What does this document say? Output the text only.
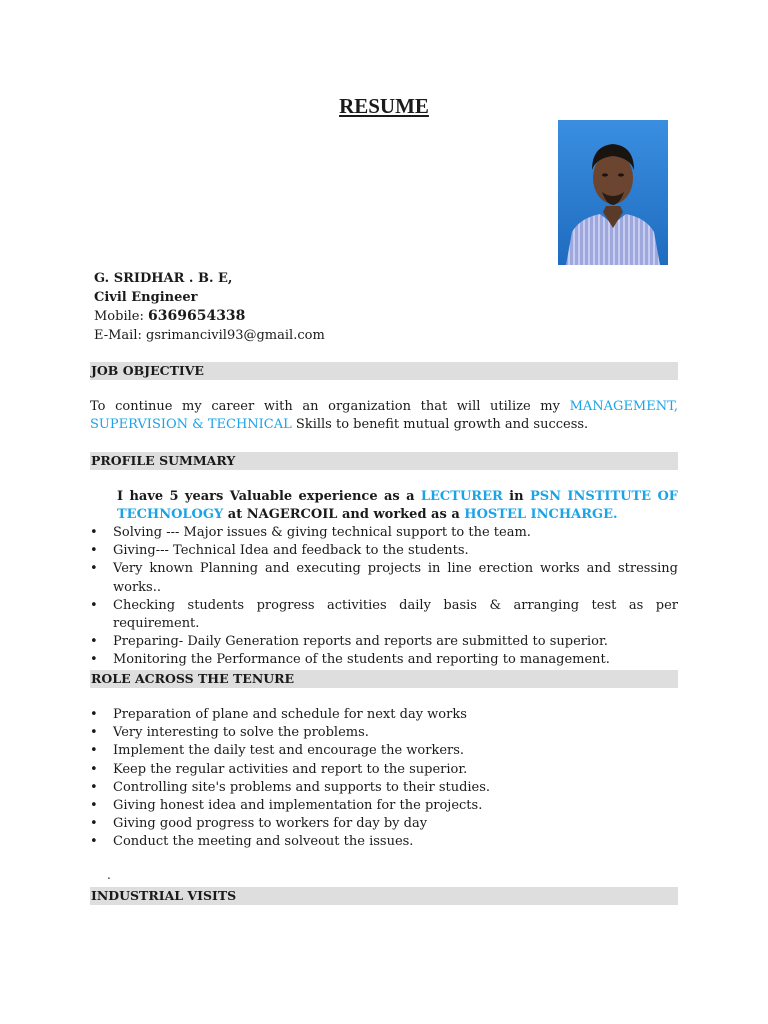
RESUME
G. SRIDHAR . B. E,
Civil Engineer
Mobile: 6369654338
E-Mail: gsrimancivil93@gmail.com
JOB OBJECTIVE
To continue my career with an organization that will utilize my MANAGEMENT, SUPERVISION & TECHNICAL Skills to benefit mutual growth and success.
PROFILE SUMMARY
I have 5 years Valuable experience as a LECTURER in PSN INSTITUTE OF TECHNOLOGY at NAGERCOIL and worked as a HOSTEL INCHARGE.
• Solving --- Major issues & giving technical support to the team.
• Giving--- Technical Idea and feedback to the students.
• Very known Planning and executing projects in line erection works and stressing works..
• Checking students progress activities daily basis & arranging test as per requirement.
• Preparing- Daily Generation reports and reports are submitted to superior.
• Monitoring the Performance of the students and reporting to management.
ROLE ACROSS THE TENURE
• Preparation of plane and schedule for next day works
• Very interesting to solve the problems.
• Implement the daily test and encourage the workers.
• Keep the regular activities and report to the superior.
• Controlling site's problems and supports to their studies.
• Giving honest idea and implementation for the projects.
• Giving good progress to workers for day by day
• Conduct the meeting and solveout the issues.
.
INDUSTRIAL VISITS
